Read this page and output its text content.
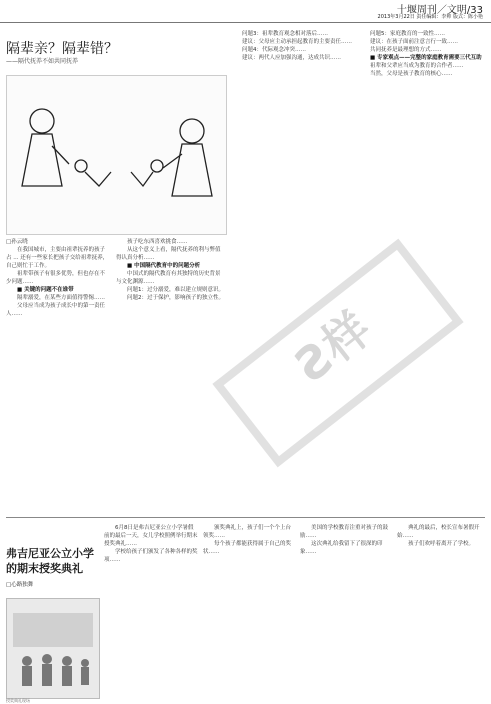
十堰周刊／文明/33
2013年3月22日 责任编辑：李帅 版式：陈小艳
隔辈亲？隔辈错？
——隔代抚养不如共同抚养
□孙云晓

在我国城市，主要由祖辈抚养的孩子占 ... 还有一些家长把孩子交给祖辈抚养，自己则忙于工作。

祖辈带孩子有很多优势，但也存在不少问题……

■ 关键的问题不在谁带

隔辈溺爱，在某些方面值得警惕……

父母应当成为孩子成长中的第一责任人……

孩子吃东西喜欢挑食……

从这个意义上看，隔代抚养的利与弊值得认真分析……

■ 中国隔代教育中的问题分析

中国式的隔代教育有其独特的历史背景与文化渊源……

问题1：过分溺爱，难以建立规则意识。

问题2：过于保护，影响孩子的独立性。

问题3：祖辈教育观念相对落后……

建议：父母应主动承担起教育的主要责任……

问题4：代际观念冲突……

建议：两代人应加强沟通，达成共识……

问题5：家庭教育的一致性……

建议：在孩子面前注意言行一致……

共同抚养是最理想的方式……

■ 专家观点——完整的家庭教育需要三代互助

祖辈和父辈应当成为教育的合作者……

当然，父母是孩子教育的核心……

Ƨ样
弗吉尼亚公立小学的期末授奖典礼
□心路独舞
授奖典礼现场

6月8日是弗吉尼亚公立小学暑假前的最后一天，女儿学校照例举行期末授奖典礼……

学校给孩子们颁发了各种各样的奖项……

颁奖典礼上，孩子们一个个上台领奖……

每个孩子都能获得属于自己的奖状……

美国的学校教育注重对孩子的鼓励……

这次典礼给我留下了很深的印象……

典礼的最后，校长宣布暑假开始……

孩子们欢呼着离开了学校。
